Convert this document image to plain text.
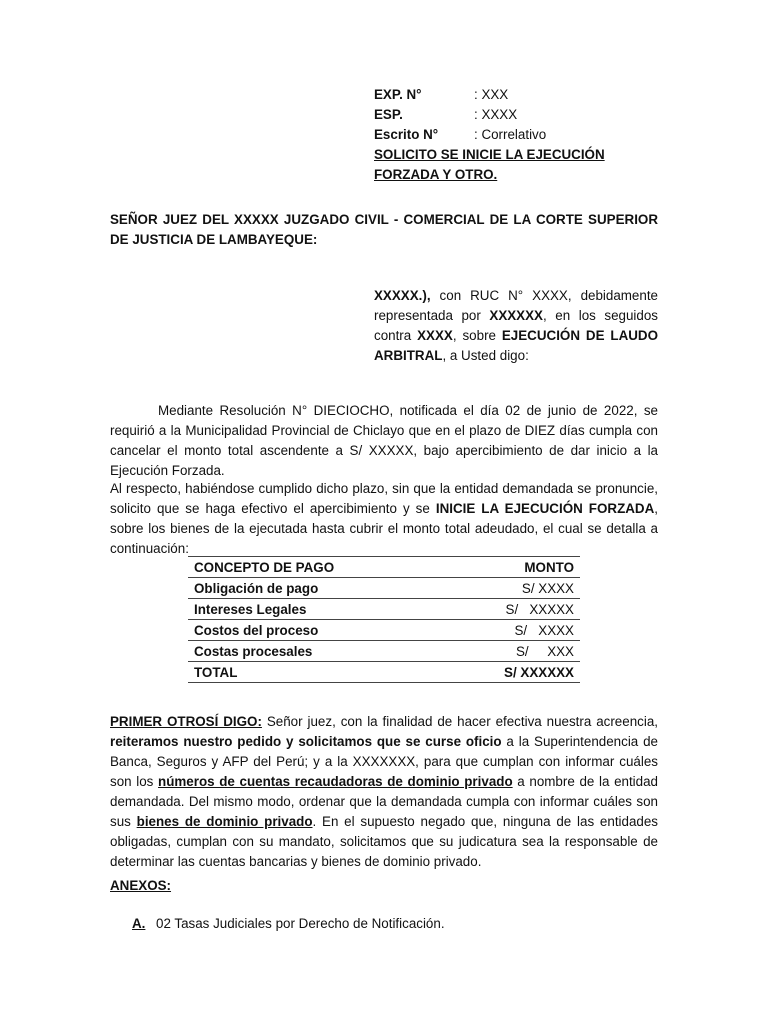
EXP. N°	: XXX
ESP.	: XXXX
Escrito N°	: Correlativo
SOLICITO SE INICIE LA EJECUCIÓN FORZADA Y OTRO.
SEÑOR JUEZ DEL XXXXX JUZGADO CIVIL - COMERCIAL DE LA CORTE SUPERIOR DE JUSTICIA DE LAMBAYEQUE:
XXXXX.), con RUC N° XXXX, debidamente representada por XXXXXX, en los seguidos contra XXXX, sobre EJECUCIÓN DE LAUDO ARBITRAL, a Usted digo:
Mediante Resolución N° DIECIOCHO, notificada el día 02 de junio de 2022, se requirió a la Municipalidad Provincial de Chiclayo que en el plazo de DIEZ días cumpla con cancelar el monto total ascendente a S/ XXXXX, bajo apercibimiento de dar inicio a la Ejecución Forzada.
Al respecto, habiéndose cumplido dicho plazo, sin que la entidad demandada se pronuncie, solicito que se haga efectivo el apercibimiento y se INICIE LA EJECUCIÓN FORZADA, sobre los bienes de la ejecutada hasta cubrir el monto total adeudado, el cual se detalla a continuación:
CONCEPTO DE PAGO	MONTO
Obligación de pago	S/ XXXX
Intereses Legales	S/   XXXXX
Costos del proceso	S/   XXXX
Costas procesales	S/     XXX
TOTAL	S/ XXXXXX
PRIMER OTROSÍ DIGO: Señor juez, con la finalidad de hacer efectiva nuestra acreencia, reiteramos nuestro pedido y solicitamos que se curse oficio a la Superintendencia de Banca, Seguros y AFP del Perú; y a la XXXXXXX, para que cumplan con informar cuáles son los números de cuentas recaudadoras de dominio privado a nombre de la entidad demandada. Del mismo modo, ordenar que la demandada cumpla con informar cuáles son sus bienes de dominio privado. En el supuesto negado que, ninguna de las entidades obligadas, cumplan con su mandato, solicitamos que su judicatura sea la responsable de determinar las cuentas bancarias y bienes de dominio privado.
ANEXOS:
A. 02 Tasas Judiciales por Derecho de Notificación.
